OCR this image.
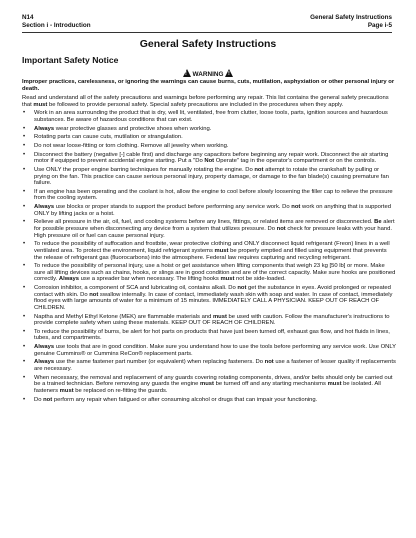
N14
Section i - Introduction
General Safety Instructions
Page i-5
General Safety Instructions
Important Safety Notice
! WARNING !

Improper practices, carelessness, or ignoring the warnings can cause burns, cuts, mutilation, asphyxiation or other personal injury or death.

Read and understand all of the safety precautions and warnings before performing any repair. This list contains the general safety precautions that must be followed to provide personal safety. Special safety precautions are included in the procedures when they apply.

• Work in an area surrounding the product that is dry, well lit, ventilated, free from clutter, loose tools, parts, ignition sources and hazardous substances. Be aware of hazardous conditions that can exist.
• Always wear protective glasses and protective shoes when working.
• Rotating parts can cause cuts, mutilation or strangulation.
• Do not wear loose-fitting or torn clothing. Remove all jewelry when working.
• Disconnect the battery (negative [-] cable first) and discharge any capacitors before beginning any repair work. Disconnect the air starting motor if equipped to prevent accidental engine starting. Put a "Do Not Operate" tag in the operator's compartment or on the controls.
• Use ONLY the proper engine barring techniques for manually rotating the engine. Do not attempt to rotate the crankshaft by pulling or prying on the fan. This practice can cause serious personal injury, property damage, or damage to the fan blade(s) causing premature fan failure.
• If an engine has been operating and the coolant is hot, allow the engine to cool before slowly loosening the filler cap to relieve the pressure from the cooling system.
• Always use blocks or proper stands to support the product before performing any service work. Do not work on anything that is supported ONLY by lifting jacks or a hoist.
• Relieve all pressure in the air, oil, fuel, and cooling systems before any lines, fittings, or related items are removed or disconnected. Be alert for possible pressure when disconnecting any device from a system that utilizes pressure. Do not check for pressure leaks with your hand. High pressure oil or fuel can cause personal injury.
• To reduce the possibility of suffocation and frostbite, wear protective clothing and ONLY disconnect liquid refrigerant (Freon) lines in a well ventilated area. To protect the environment, liquid refrigerant systems must be properly emptied and filled using equipment that prevents the release of refrigerant gas (fluorocarbons) into the atmosphere. Federal law requires capturing and recycling refrigerant.
• To reduce the possibility of personal injury, use a hoist or get assistance when lifting components that weigh 23 kg [50 lb] or more. Make sure all lifting devices such as chains, hooks, or slings are in good condition and are of the correct capacity. Make sure hooks are positioned correctly. Always use a spreader bar when necessary. The lifting hooks must not be side-loaded.
• Corrosion inhibitor, a component of SCA and lubricating oil, contains alkali. Do not get the substance in eyes. Avoid prolonged or repeated contact with skin. Do not swallow internally. In case of contact, immediately wash skin with soap and water. In case of contact, immediately flood eyes with large amounts of water for a minimum of 15 minutes. IMMEDIATELY CALL A PHYSICIAN. KEEP OUT OF REACH OF CHILDREN.
• Naptha and Methyl Ethyl Ketone (MEK) are flammable materials and must be used with caution. Follow the manufacturer's instructions to provide complete safety when using these materials. KEEP OUT OF REACH OF CHILDREN.
• To reduce the possibility of burns, be alert for hot parts on products that have just been turned off, exhaust gas flow, and hot fluids in lines, tubes, and compartments.
• Always use tools that are in good condition. Make sure you understand how to use the tools before performing any service work. Use ONLY genuine Cummins® or Cummins ReCon® replacement parts.
• Always use the same fastener part number (or equivalent) when replacing fasteners. Do not use a fastener of lesser quality if replacements are necessary.
• When necessary, the removal and replacement of any guards covering rotating components, drives, and/or belts should only be carried out be a trained technician. Before removing any guards the engine must be turned off and any starting mechanisms must be isolated. All fasteners must be replaced on re-fitting the guards.
• Do not perform any repair when fatigued or after consuming alcohol or drugs that can impair your functioning.
